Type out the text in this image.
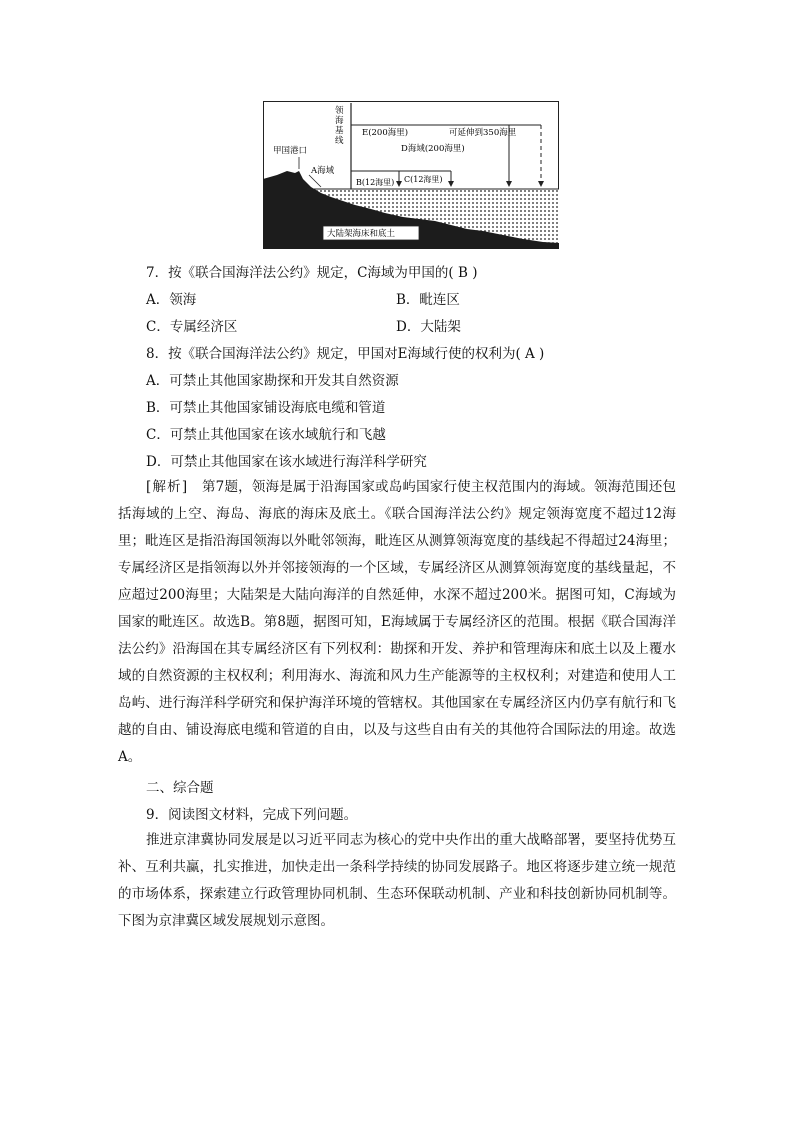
领
海
基
线
甲国港口
A海域
B(12海里) C(12海里)
D海域(200海里)
E(200海里)	可延伸到350海里
大陆架海床和底土
7．按《联合国海洋法公约》规定，C海域为甲国的( B )
A．领海	B．毗连区
C．专属经济区	D．大陆架
8．按《联合国海洋法公约》规定，甲国对E海域行使的权利为( A )
A．可禁止其他国家勘探和开发其自然资源
B．可禁止其他国家铺设海底电缆和管道
C．可禁止其他国家在该水域航行和飞越
D．可禁止其他国家在该水域进行海洋科学研究

[解析]　第7题，领海是属于沿海国家或岛屿国家行使主权范围内的海域。领海范围还包括海域的上空、海岛、海底的海床及底土。《联合国海洋法公约》规定领海宽度不超过12海里；毗连区是指沿海国领海以外毗邻领海，毗连区从测算领海宽度的基线起不得超过24海里；专属经济区是指领海以外并邻接领海的一个区域，专属经济区从测算领海宽度的基线量起，不应超过200海里；大陆架是大陆向海洋的自然延伸，水深不超过200米。据图可知，C海域为国家的毗连区。故选B。第8题，据图可知，E海域属于专属经济区的范围。根据《联合国海洋法公约》沿海国在其专属经济区有下列权利：勘探和开发、养护和管理海床和底土以及上覆水域的自然资源的主权权利；利用海水、海流和风力生产能源等的主权权利；对建造和使用人工岛屿、进行海洋科学研究和保护海洋环境的管辖权。其他国家在专属经济区内仍享有航行和飞越的自由、铺设海底电缆和管道的自由，以及与这些自由有关的其他符合国际法的用途。故选A。

二、综合题
9．阅读图文材料，完成下列问题。

推进京津冀协同发展是以习近平同志为核心的党中央作出的重大战略部署，要坚持优势互补、互利共赢，扎实推进，加快走出一条科学持续的协同发展路子。地区将逐步建立统一规范的市场体系，探索建立行政管理协同机制、生态环保联动机制、产业和科技创新协同机制等。下图为京津冀区域发展规划示意图。
